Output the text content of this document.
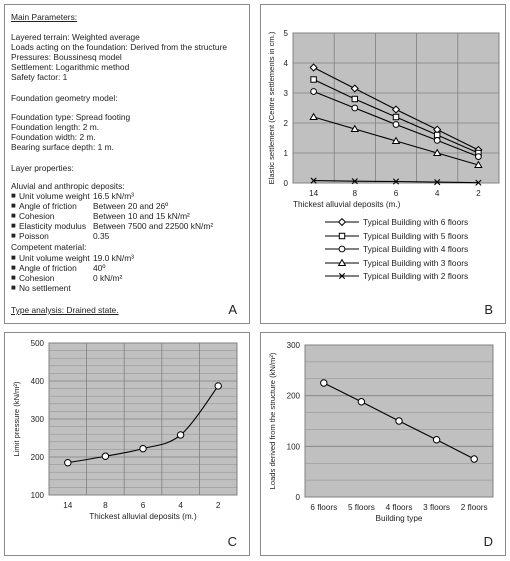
Main Parameters:
Layered terrain: Weighted average
Loads acting on the foundation: Derived from the structure
Pressures: Boussinesq model
Settlement: Logarithmic method
Safety factor: 1
Foundation geometry model:
Foundation type: Spread footing
Foundation length: 2 m.
Foundation width: 2 m.
Bearing surface depth: 1 m.
Layer properties:
Aluvial and anthropic deposits:
■ Unit volume weight 16.5 kN/m³
■ Angle of friction Between 20 and 26º
■ Cohesion	Between 10 and 15 kN/m²
■ Elasticity modulus Between 7500 and 22500 kN/m²
■ Poisson	0.35
Competent material:
■ Unit volume weight 19.0 kN/m³
■ Angle of friction 40º
■ Cohesion	0 kN/m²
■ No settlement
Type analysis: Drained state.	A
0
1
2
3
4
5
14	8	6	4	2
Thickest alluvial deposits (m.)
Elastic settlement (Centre settlements in cm.)
Typical Building with 6 floors
Typical Building with 5 floors
Typical Building with 4 floors
Typical Building with 3 floors
Typical Building with 2 floors
B
100
200
300
400
500
14	8	6	4	2
Thickest alluvial deposits (m.)
Limit pressure (kN/m²)
C
0
100
200
300
6 floors 5 floors 4 floors 3 floors 2 floors
Building type
Loads derived from the structure (kN/m²)
D
